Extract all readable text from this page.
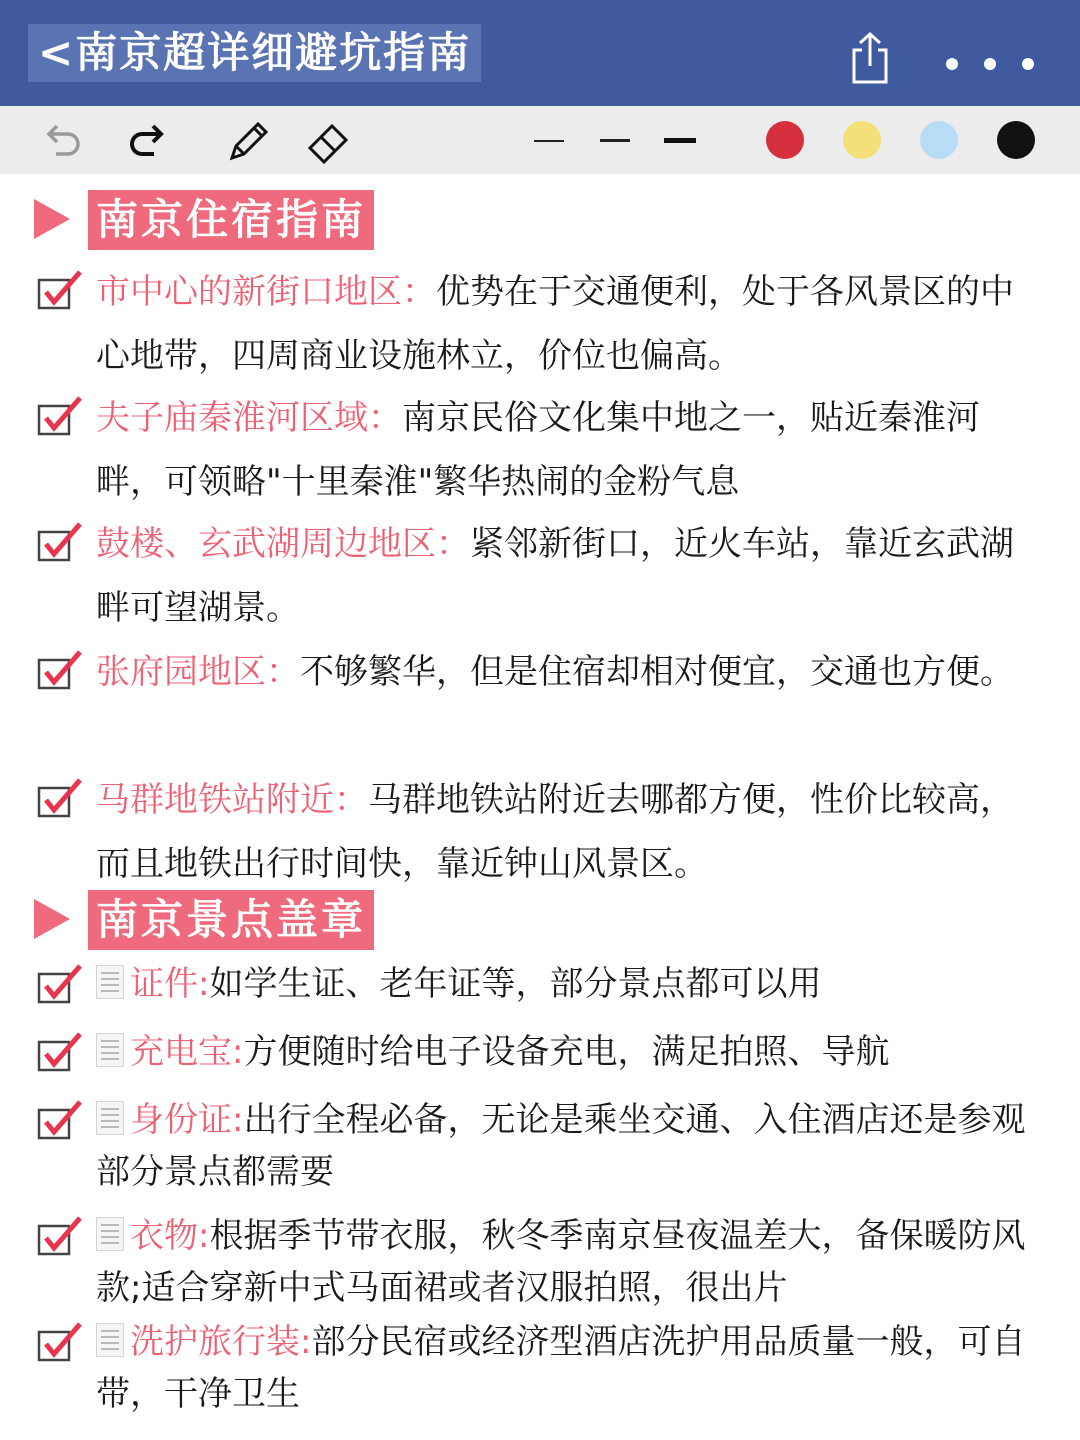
<南京超详细避坑指南
南京住宿指南
市中心的新街口地区：优势在于交通便利，处于各风景区的中心地带，四周商业设施林立，价位也偏高。
夫子庙秦淮河区域：南京民俗文化集中地之一，贴近秦淮河畔，可领略"十里秦淮"繁华热闹的金粉气息
鼓楼、玄武湖周边地区：紧邻新街口，近火车站，靠近玄武湖畔可望湖景。
张府园地区：不够繁华，但是住宿却相对便宜，交通也方便。
马群地铁站附近：马群地铁站附近去哪都方便，性价比较高，而且地铁出行时间快，靠近钟山风景区。
南京景点盖章
证件:如学生证、老年证等，部分景点都可以用
充电宝:方便随时给电子设备充电，满足拍照、导航
身份证:出行全程必备，无论是乘坐交通、入住酒店还是参观部分景点都需要
衣物:根据季节带衣服，秋冬季南京昼夜温差大，备保暖防风款;适合穿新中式马面裙或者汉服拍照，很出片
洗护旅行装:部分民宿或经济型酒店洗护用品质量一般，可自带，干净卫生
